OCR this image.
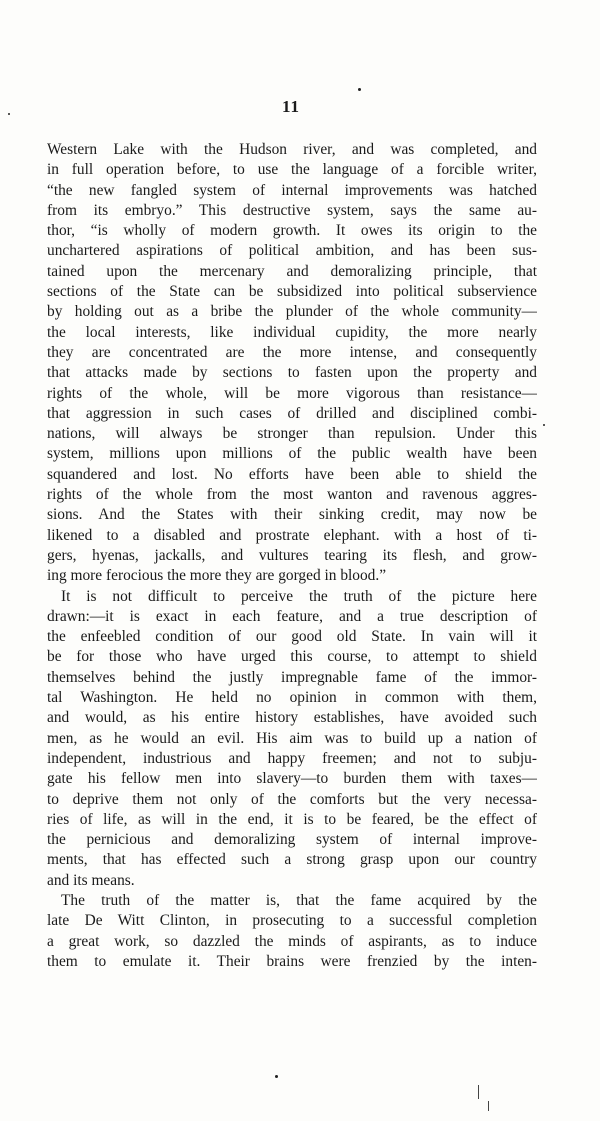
11
Western Lake with the Hudson river, and was completed, and
in full operation before, to use the language of a forcible writer,
“the new fangled system of internal improvements was hatched
from its embryo.” This destructive system, says the same au-
thor, “is wholly of modern growth. It owes its origin to the
unchartered aspirations of political ambition, and has been sus-
tained upon the mercenary and demoralizing principle, that
sections of the State can be subsidized into political subservience
by holding out as a bribe the plunder of the whole community—
the local interests, like individual cupidity, the more nearly
they are concentrated are the more intense, and consequently
that attacks made by sections to fasten upon the property and
rights of the whole, will be more vigorous than resistance—
that aggression in such cases of drilled and disciplined combi-
nations, will always be stronger than repulsion. Under this
system, millions upon millions of the public wealth have been
squandered and lost. No efforts have been able to shield the
rights of the whole from the most wanton and ravenous aggres-
sions. And the States with their sinking credit, may now be
likened to a disabled and prostrate elephant. with a host of ti-
gers, hyenas, jackalls, and vultures tearing its flesh, and grow-
ing more ferocious the more they are gorged in blood.”
It is not difficult to perceive the truth of the picture here
drawn:—it is exact in each feature, and a true description of
the enfeebled condition of our good old State. In vain will it
be for those who have urged this course, to attempt to shield
themselves behind the justly impregnable fame of the immor-
tal Washington. He held no opinion in common with them,
and would, as his entire history establishes, have avoided such
men, as he would an evil. His aim was to build up a nation of
independent, industrious and happy freemen; and not to subju-
gate his fellow men into slavery—to burden them with taxes—
to deprive them not only of the comforts but the very necessa-
ries of life, as will in the end, it is to be feared, be the effect of
the pernicious and demoralizing system of internal improve-
ments, that has effected such a strong grasp upon our country
and its means.
The truth of the matter is, that the fame acquired by the
late De Witt Clinton, in prosecuting to a successful completion
a great work, so dazzled the minds of aspirants, as to induce
them to emulate it. Their brains were frenzied by the inten-
